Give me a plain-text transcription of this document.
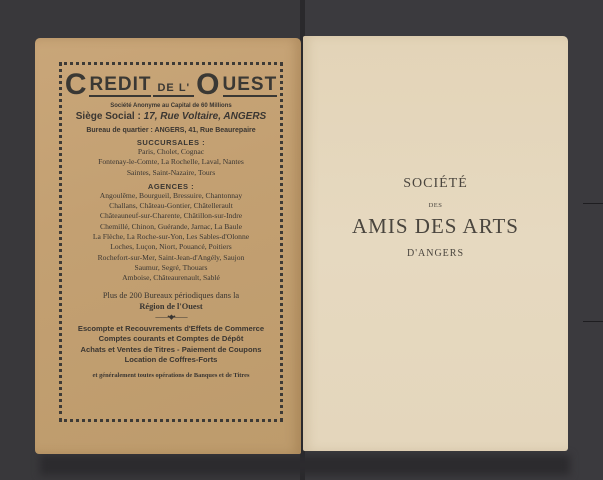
C REDIT DE L' O UEST
Société Anonyme au Capital de 60 Millions
Siège Social : 17, Rue Voltaire, ANGERS
Bureau de quartier : ANGERS, 41, Rue Beaurepaire
SUCCURSALES :
Paris, Cholet, Cognac
Fontenay-le-Comte, La Rochelle, Laval, Nantes
Saintes, Saint-Nazaire, Tours
AGENCES :
Angoulême, Bourgueil, Bressuire, Chantonnay
Challans, Château-Gontier, Châtellerault
Châteauneuf-sur-Charente, Châtillon-sur-Indre
Chemillé, Chinon, Guérande, Jarnac, La Baule
La Flèche, La Roche-sur-Yon, Les Sables-d'Olonne
Loches, Luçon, Niort, Pouancé, Poitiers
Rochefort-sur-Mer, Saint-Jean-d'Angély, Saujon
Saumur, Segré, Thouars
Amboise, Châteaurenault, Sablé
Plus de 200 Bureaux périodiques dans la
Région de l'Ouest
——•◆•——
Escompte et Recouvrements d'Effets de Commerce
Comptes courants et Comptes de Dépôt
Achats et Ventes de Titres - Paiement de Coupons
Location de Coffres-Forts
et généralement toutes opérations de Banques et de Titres
SOCIÉTÉ
DES
AMIS DES ARTS
D'ANGERS
